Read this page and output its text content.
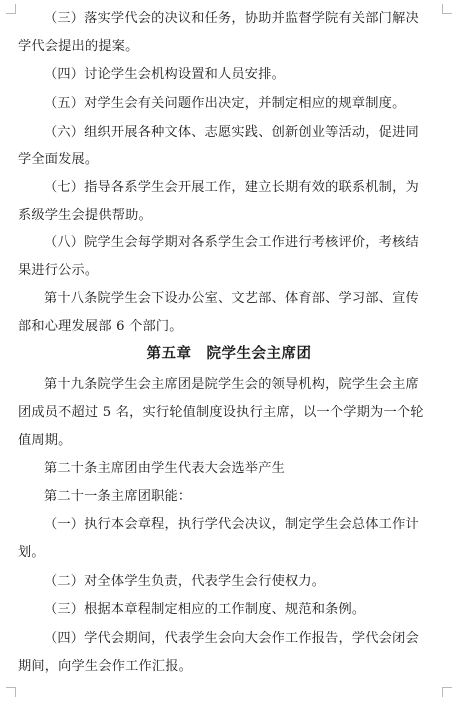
（三）落实学代会的决议和任务，协助并监督学院有关部门解决
学代会提出的提案。
（四）讨论学生会机构设置和人员安排。
（五）对学生会有关问题作出决定，并制定相应的规章制度。
（六）组织开展各种文体、志愿实践、创新创业等活动，促进同
学全面发展。
（七）指导各系学生会开展工作，建立长期有效的联系机制，为
系级学生会提供帮助。
（八）院学生会每学期对各系学生会工作进行考核评价，考核结
果进行公示。
第十八条院学生会下设办公室、文艺部、体育部、学习部、宣传
部和心理发展部 6 个部门。
第五章　院学生会主席团
第十九条院学生会主席团是院学生会的领导机构，院学生会主席
团成员不超过 5 名，实行轮值制度设执行主席，以一个学期为一个轮
值周期。
第二十条主席团由学生代表大会选举产生
第二十一条主席团职能：
（一）执行本会章程，执行学代会决议，制定学生会总体工作计
划。
（二）对全体学生负责，代表学生会行使权力。
（三）根据本章程制定相应的工作制度、规范和条例。
（四）学代会期间，代表学生会向大会作工作报告，学代会闭会
期间，向学生会作工作汇报。
